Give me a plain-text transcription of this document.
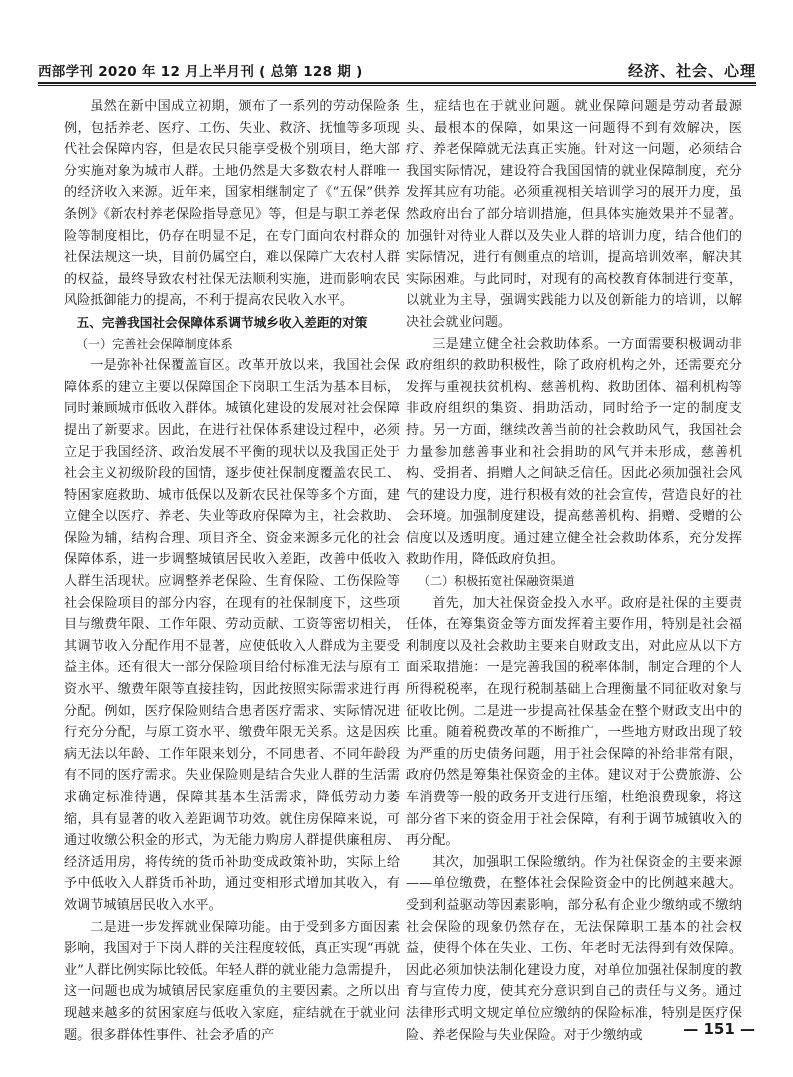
西部学刊 2020 年 12 月上半月刊 ( 总第 128 期 )	经济、社会、心理

虽然在新中国成立初期，颁布了一系列的劳动保险条例，包括养老、医疗、工伤、失业、救济、抚恤等多项现代社会保障内容，但是农民只能享受极个别项目，绝大部分实施对象为城市人群。土地仍然是大多数农村人群唯一的经济收入来源。近年来，国家相继制定了《“五保”供养条例》《新农村养老保险指导意见》等，但是与职工养老保险等制度相比，仍存在明显不足，在专门面向农村群众的社保法规这一块，目前仍属空白，难以保障广大农村人群的权益，最终导致农村社保无法顺利实施，进而影响农民风险抵御能力的提高，不利于提高农民收入水平。

五、完善我国社会保障体系调节城乡收入差距的对策

（一）完善社会保障制度体系

一是弥补社保覆盖盲区。改革开放以来，我国社会保障体系的建立主要以保障国企下岗职工生活为基本目标，同时兼顾城市低收入群体。城镇化建设的发展对社会保障提出了新要求。因此，在进行社保体系建设过程中，必须立足于我国经济、政治发展不平衡的现状以及我国正处于社会主义初级阶段的国情，逐步使社保制度覆盖农民工、特困家庭救助、城市低保以及新农民社保等多个方面，建立健全以医疗、养老、失业等政府保障为主，社会救助、保险为辅，结构合理、项目齐全、资金来源多元化的社会保障体系，进一步调整城镇居民收入差距，改善中低收入人群生活现状。应调整养老保险、生育保险、工伤保险等社会保险项目的部分内容，在现有的社保制度下，这些项目与缴费年限、工作年限、劳动贡献、工资等密切相关，其调节收入分配作用不显著，应使低收入人群成为主要受益主体。还有很大一部分保险项目给付标准无法与原有工资水平、缴费年限等直接挂钩，因此按照实际需求进行再分配。例如，医疗保险则结合患者医疗需求、实际情况进行充分分配，与原工资水平、缴费年限无关系。这是因疾病无法以年龄、工作年限来划分，不同患者、不同年龄段有不同的医疗需求。失业保险则是结合失业人群的生活需求确定标准待遇，保障其基本生活需求，降低劳动力萎缩，具有显著的收入差距调节功效。就住房保障来说，可通过收缴公积金的形式，为无能力购房人群提供廉租房、经济适用房，将传统的货币补助变成政策补助，实际上给予中低收入人群货币补助，通过变相形式增加其收入，有效调节城镇居民收入水平。

二是进一步发挥就业保障功能。由于受到多方面因素影响，我国对于下岗人群的关注程度较低，真正实现“再就业”人群比例实际比较低。年轻人群的就业能力急需提升，这一问题也成为城镇居民家庭重负的主要因素。之所以出现越来越多的贫困家庭与低收入家庭，症结就在于就业问题。很多群体性事件、社会矛盾的产

生，症结也在于就业问题。就业保障问题是劳动者最源头、最根本的保障，如果这一问题得不到有效解决，医疗、养老保障就无法真正实施。针对这一问题，必须结合我国实际情况，建设符合我国国情的就业保障制度，充分发挥其应有功能。必须重视相关培训学习的展开力度，虽然政府出台了部分培训措施，但具体实施效果并不显著。加强针对待业人群以及失业人群的培训力度，结合他们的实际情况，进行有侧重点的培训，提高培训效率，解决其实际困难。与此同时，对现有的高校教育体制进行变革，以就业为主导，强调实践能力以及创新能力的培训，以解决社会就业问题。

三是建立健全社会救助体系。一方面需要积极调动非政府组织的救助积极性，除了政府机构之外，还需要充分发挥与重视扶贫机构、慈善机构、救助团体、福利机构等非政府组织的集资、捐助活动，同时给予一定的制度支持。另一方面，继续改善当前的社会救助风气，我国社会力量参加慈善事业和社会捐助的风气并未形成，慈善机构、受捐者、捐赠人之间缺乏信任。因此必须加强社会风气的建设力度，进行积极有效的社会宣传，营造良好的社会环境。加强制度建设，提高慈善机构、捐赠、受赠的公信度以及透明度。通过建立健全社会救助体系，充分发挥救助作用，降低政府负担。

（二）积极拓宽社保融资渠道

首先，加大社保资金投入水平。政府是社保的主要责任体，在筹集资金等方面发挥着主要作用，特别是社会福利制度以及社会救助主要来自财政支出，对此应从以下方面采取措施：一是完善我国的税率体制，制定合理的个人所得税税率，在现行税制基础上合理衡量不同征收对象与征收比例。二是进一步提高社保基金在整个财政支出中的比重。随着税费改革的不断推广，一些地方财政出现了较为严重的历史债务问题，用于社会保障的补给非常有限，政府仍然是筹集社保资金的主体。建议对于公费旅游、公车消费等一般的政务开支进行压缩，杜绝浪费现象，将这部分省下来的资金用于社会保障，有利于调节城镇收入的再分配。

其次，加强职工保险缴纳。作为社保资金的主要来源——单位缴费，在整体社会保险资金中的比例越来越大。受到利益驱动等因素影响，部分私有企业少缴纳或不缴纳社会保险的现象仍然存在，无法保障职工基本的社会权益，使得个体在失业、工伤、年老时无法得到有效保障。因此必须加快法制化建设力度，对单位加强社保制度的教育与宣传力度，使其充分意识到自己的责任与义务。通过法律形式明文规定单位应缴纳的保险标准，特别是医疗保险、养老保险与失业保险。对于少缴纳或	— 151 —
